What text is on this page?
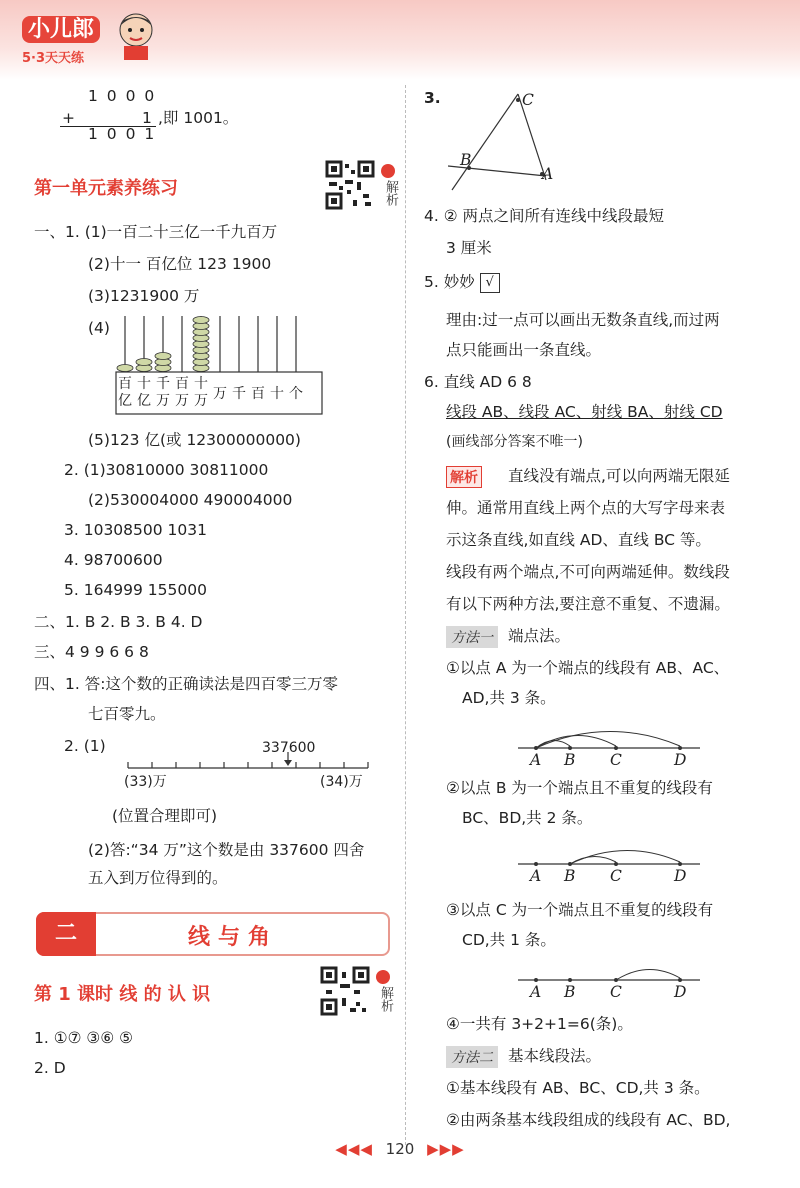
小儿郎
5·3天天练
1 0 0 0
+	1
1 0 0 1
,即 1001。
第一单元素养练习	解析
一、1. (1)一百二十三亿一千九百万
(2)十一 百亿位 123 1900
(3)1231900 万
(4)
百亿
十亿
千万
百万
十万 万 千 百 十 个
(5)123 亿(或 12300000000)
2. (1)30810000 30811000
(2)530004000 490004000
3. 10308500 1031
4. 98700600
5. 164999 155000
二、1. B 2. B 3. B 4. D
三、4 9 9 6 6 8
四、1. 答:这个数的正确读法是四百零三万零
七百零九。
2. (1)	337600
(33)万	(34)万
(位置合理即可)
(2)答:“34 万”这个数是由 337600 四舍
五入到万位得到的。
二	线与角
第 1 课时 线 的 认 识	解析
1. ①⑦ ③⑥ ⑤
2. D
3.	C
B
A
4. ② 两点之间所有连线中线段最短
3 厘米
5. 妙妙 √
理由:过一点可以画出无数条直线,而过两
点只能画出一条直线。
6. 直线 AD 6 8
线段 AB、线段 AC、射线 BA、射线 CD
(画线部分答案不唯一)
解析 直线没有端点,可以向两端无限延
伸。通常用直线上两个点的大写字母来表
示这条直线,如直线 AD、直线 BC 等。
线段有两个端点,不可向两端延伸。数线段
有以下两种方法,要注意不重复、不遗漏。
方法一 端点法。
①以点 A 为一个端点的线段有 AB、AC、
AD,共 3 条。
A B C	D
②以点 B 为一个端点且不重复的线段有
BC、BD,共 2 条。
A B C	D
③以点 C 为一个端点且不重复的线段有
CD,共 1 条。
A B C	D
④一共有 3+2+1=6(条)。
方法二 基本线段法。
①基本线段有 AB、BC、CD,共 3 条。
②由两条基本线段组成的线段有 AC、BD,
◀◀◀ 120 ▶▶▶
